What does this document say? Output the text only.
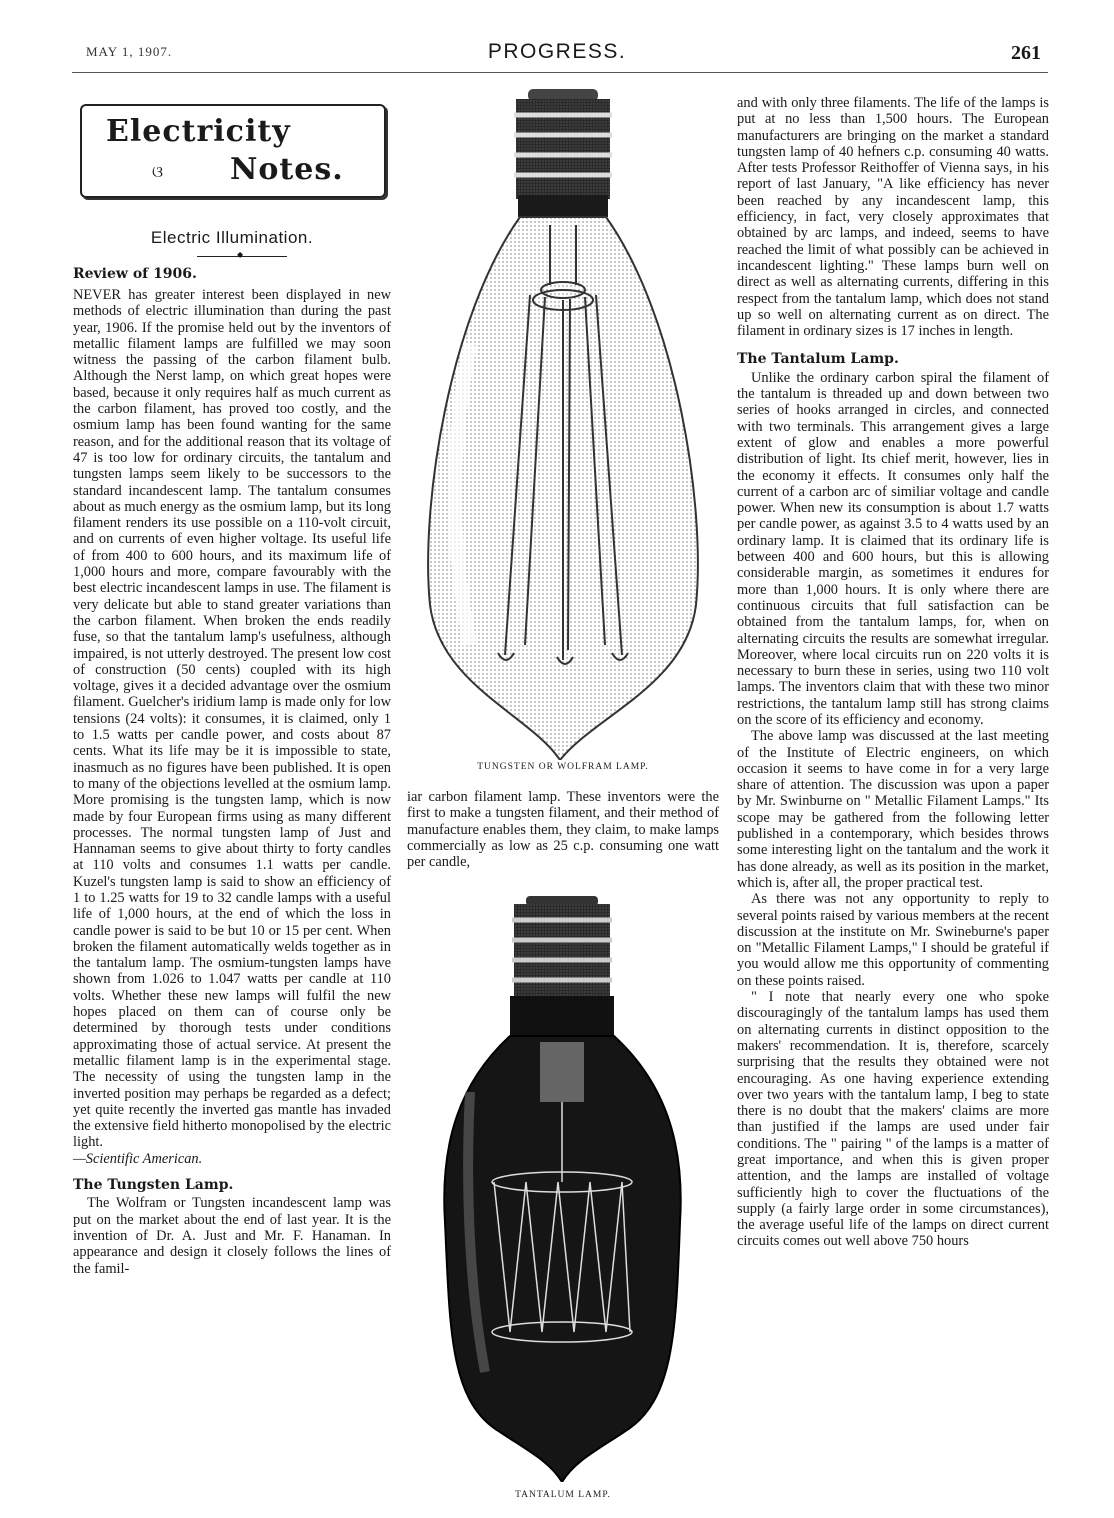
MAY 1, 1907.	PROGRESS.	261
Electricity
ଓ Notes.
Electric Illumination.
◆
Review of 1906.

NEVER has greater interest been displayed in new methods of electric illumination than during the past year, 1906. If the promise held out by the inventors of metallic filament lamps are fulfilled we may soon witness the passing of the carbon filament bulb. Although the Nerst lamp, on which great hopes were based, because it only requires half as much current as the carbon filament, has proved too costly, and the osmium lamp has been found wanting for the same reason, and for the additional reason that its voltage of 47 is too low for ordinary circuits, the tantalum and tungsten lamps seem likely to be successors to the standard incandescent lamp. The tantalum consumes about as much energy as the osmium lamp, but its long filament renders its use possible on a 110-volt circuit, and on currents of even higher voltage. Its useful life of from 400 to 600 hours, and its maximum life of 1,000 hours and more, compare favourably with the best electric incandescent lamps in use. The filament is very delicate but able to stand greater variations than the carbon filament. When broken the ends readily fuse, so that the tantalum lamp's usefulness, although impaired, is not utterly destroyed. The present low cost of construction (50 cents) coupled with its high voltage, gives it a decided advantage over the osmium filament. Guelcher's iridium lamp is made only for low tensions (24 volts): it consumes, it is claimed, only 1 to 1.5 watts per candle power, and costs about 87 cents. What its life may be it is impossible to state, inasmuch as no figures have been published. It is open to many of the objections levelled at the osmium lamp. More promising is the tungsten lamp, which is now made by four European firms using as many different processes. The normal tungsten lamp of Just and Hannaman seems to give about thirty to forty candles at 110 volts and consumes 1.1 watts per candle. Kuzel's tungsten lamp is said to show an efficiency of 1 to 1.25 watts for 19 to 32 candle lamps with a useful life of 1,000 hours, at the end of which the loss in candle power is said to be but 10 or 15 per cent. When broken the filament automatically welds together as in the tantalum lamp. The osmium-tungsten lamps have shown from 1.026 to 1.047 watts per candle at 110 volts. Whether these new lamps will fulfil the new hopes placed on them can of course only be determined by thorough tests under conditions approximating those of actual service. At present the metallic filament lamp is in the experimental stage. The necessity of using the tungsten lamp in the inverted position may perhaps be regarded as a defect; yet quite recently the inverted gas mantle has invaded the extensive field hitherto monopolised by the electric light.

—Scientific American.

The Tungsten Lamp.

The Wolfram or Tungsten incandescent lamp was put on the market about the end of last year. It is the invention of Dr. A. Just and Mr. F. Hanaman. In appearance and design it closely follows the lines of the famil-

TUNGSTEN OR WOLFRAM LAMP.

iar carbon filament lamp. These inventors were the first to make a tungsten filament, and their method of manufacture enables them, they claim, to make lamps commercially as low as 25 c.p. consuming one watt per candle,

TANTALUM LAMP.

and with only three filaments. The life of the lamps is put at no less than 1,500 hours. The European manufacturers are bringing on the market a standard tungsten lamp of 40 hefners c.p. consuming 40 watts. After tests Professor Reithoffer of Vienna says, in his report of last January, "A like efficiency has never been reached by any incandescent lamp, this efficiency, in fact, very closely approximates that obtained by arc lamps, and indeed, seems to have reached the limit of what possibly can be achieved in incandescent lighting." These lamps burn well on direct as well as alternating currents, differing in this respect from the tantalum lamp, which does not stand up so well on alternating current as on direct. The filament in ordinary sizes is 17 inches in length.

The Tantalum Lamp.

Unlike the ordinary carbon spiral the filament of the tantalum is threaded up and down between two series of hooks arranged in circles, and connected with two terminals. This arrangement gives a large extent of glow and enables a more powerful distribution of light. Its chief merit, however, lies in the economy it effects. It consumes only half the current of a carbon arc of similiar voltage and candle power. When new its consumption is about 1.7 watts per candle power, as against 3.5 to 4 watts used by an ordinary lamp. It is claimed that its ordinary life is between 400 and 600 hours, but this is allowing considerable margin, as sometimes it endures for more than 1,000 hours. It is only where there are continuous circuits that full satisfaction can be obtained from the tantalum lamps, for, when on alternating circuits the results are somewhat irregular. Moreover, where local circuits run on 220 volts it is necessary to burn these in series, using two 110 volt lamps. The inventors claim that with these two minor restrictions, the tantalum lamp still has strong claims on the score of its efficiency and economy.

The above lamp was discussed at the last meeting of the Institute of Electric engineers, on which occasion it seems to have come in for a very large share of attention. The discussion was upon a paper by Mr. Swinburne on " Metallic Filament Lamps." Its scope may be gathered from the following letter published in a contemporary, which besides throws some interesting light on the tantalum and the work it has done already, as well as its position in the market, which is, after all, the proper practical test.

As there was not any opportunity to reply to several points raised by various members at the recent discussion at the institute on Mr. Swineburne's paper on "Metallic Filament Lamps," I should be grateful if you would allow me this opportunity of commenting on these points raised.

" I note that nearly every one who spoke discouragingly of the tantalum lamps has used them on alternating currents in distinct opposition to the makers' recommendation. It is, therefore, scarcely surprising that the results they obtained were not encouraging. As one having experience extending over two years with the tantalum lamp, I beg to state there is no doubt that the makers' claims are more than justified if the lamps are used under fair conditions. The " pairing " of the lamps is a matter of great importance, and when this is given proper attention, and the lamps are installed of voltage sufficiently high to cover the fluctuations of the supply (a fairly large order in some circumstances), the average useful life of the lamps on direct current circuits comes out well above 750 hours
